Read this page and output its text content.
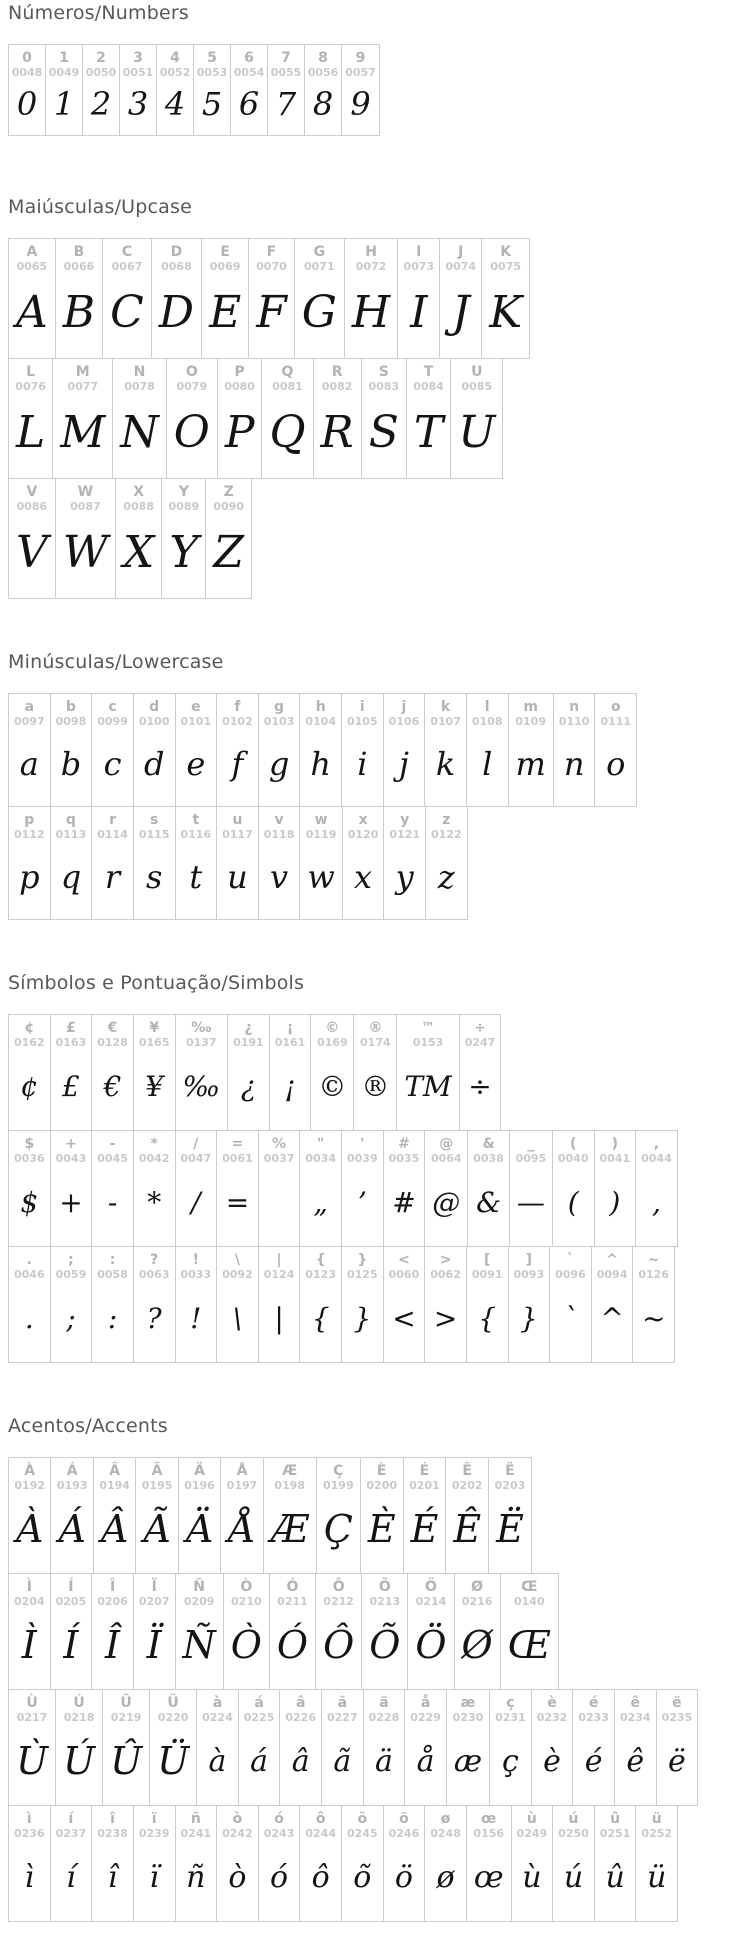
Números/Numbers
0
0048
0
1
0049
1
2
0050
2
3
0051
3
4
0052
4
5
0053
5
6
0054
6
7
0055
7
8
0056
8
9
0057
9
Maiúsculas/Upcase
A
0065
A
B
0066
B
C
0067
C
D
0068
D
E
0069
E
F
0070
F
G
0071
G
H
0072
H
I
0073
I
J
0074
J
K
0075
K
L
0076
L
M
0077
M
N
0078
N
O
0079
O
P
0080
P
Q
0081
Q
R
0082
R
S
0083
S
T
0084
T
U
0085
U
V
0086
V
W
0087
W
X
0088
X
Y
0089
Y
Z
0090
Z
Minúsculas/Lowercase
a
0097
a
b
0098
b
c
0099
c
d
0100
d
e
0101
e
f
0102
f
g
0103
g
h
0104
h
i
0105
i
j
0106
j
k
0107
k
l
0108
l
m
0109
m
n
0110
n
o
0111
o
p
0112
p
q
0113
q
r
0114
r
s
0115
s
t
0116
t
u
0117
u
v
0118
v
w
0119
w
x
0120
x
y
0121
y
z
0122
z
Símbolos e Pontuação/Simbols
¢
0162
¢
£
0163
£
€
0128
€
¥
0165
¥
‰
0137
‰
¿
0191
¿
¡
0161
¡
©
0169
©
®
0174
®
™
0153
TM
÷
0247
÷
$
0036
$
+
0043
+
-
0045
-
*
0042
*
/
0047
/
=
0061
=
%
0037
"
0034
„
'
0039
’
#
0035
#
@
0064
@
&
0038
&
_
0095
—
(
0040
(
)
0041
)
,
0044
,
.
0046
.
;
0059
;
:
0058
:
?
0063
?
!
0033
!
\
0092
\
|
0124
|
{
0123
{
}
0125
}
<
0060
<
>
0062
>
[
0091
{
]
0093
}
`
0096
`
^
0094
^
~
0126
~
Acentos/Accents
À
0192
À
Á
0193
Á
Â
0194
Â
Ã
0195
Ã
Ä
0196
Ä
Å
0197
Å
Æ
0198
Æ
Ç
0199
Ç
È
0200
È
É
0201
É
Ê
0202
Ê
Ë
0203
Ë
Ì
0204
Ì
Í
0205
Í
Î
0206
Î
Ï
0207
Ï
Ñ
0209
Ñ
Ò
0210
Ò
Ó
0211
Ó
Ô
0212
Ô
Õ
0213
Õ
Ö
0214
Ö
Ø
0216
Ø
Œ
0140
Œ
Ù
0217
Ù
Ú
0218
Ú
Û
0219
Û
Ü
0220
Ü
à
0224
à
á
0225
á
â
0226
â
ã
0227
ã
ä
0228
ä
å
0229
å
æ
0230
æ
ç
0231
ç
è
0232
è
é
0233
é
ê
0234
ê
ë
0235
ë
ì
0236
ì
í
0237
í
î
0238
î
ï
0239
ï
ñ
0241
ñ
ò
0242
ò
ó
0243
ó
ô
0244
ô
õ
0245
õ
ö
0246
ö
ø
0248
ø
œ
0156
œ
ù
0249
ù
ú
0250
ú
û
0251
û
ü
0252
ü
